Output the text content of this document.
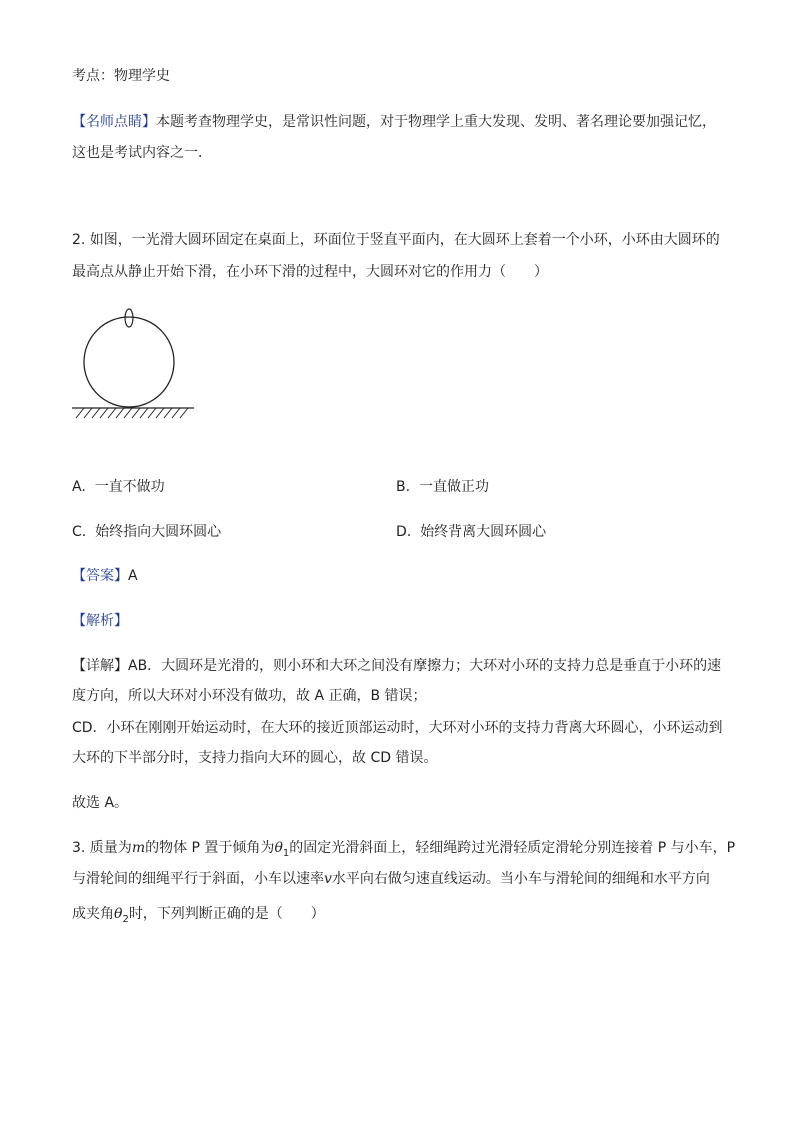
考点：物理学史
【名师点睛】本题考查物理学史，是常识性问题，对于物理学上重大发现、发明、著名理论要加强记忆，
这也是考试内容之一．
2. 如图，一光滑大圆环固定在桌面上，环面位于竖直平面内，在大圆环上套着一个小环，小环由大圆环的
最高点从静止开始下滑，在小环下滑的过程中，大圆环对它的作用力（　　）
A. 一直不做功	B. 一直做正功
C. 始终指向大圆环圆心	D. 始终背离大圆环圆心
【答案】A
【解析】
【详解】AB．大圆环是光滑的，则小环和大环之间没有摩擦力；大环对小环的支持力总是垂直于小环的速
度方向，所以大环对小环没有做功，故 A 正确，B 错误；
CD．小环在刚刚开始运动时，在大环的接近顶部运动时，大环对小环的支持力背离大环圆心，小环运动到
大环的下半部分时，支持力指向大环的圆心，故 CD 错误。
故选 A。
3. 质量为m的物体 P 置于倾角为$\theta_1$的固定光滑斜面上，轻细绳跨过光滑轻质定滑轮分别连接着 P 与小车，P
与滑轮间的细绳平行于斜面，小车以速率v水平向右做匀速直线运动。当小车与滑轮间的细绳和水平方向
成夹角$\theta_2$时，下列判断正确的是（　　）
